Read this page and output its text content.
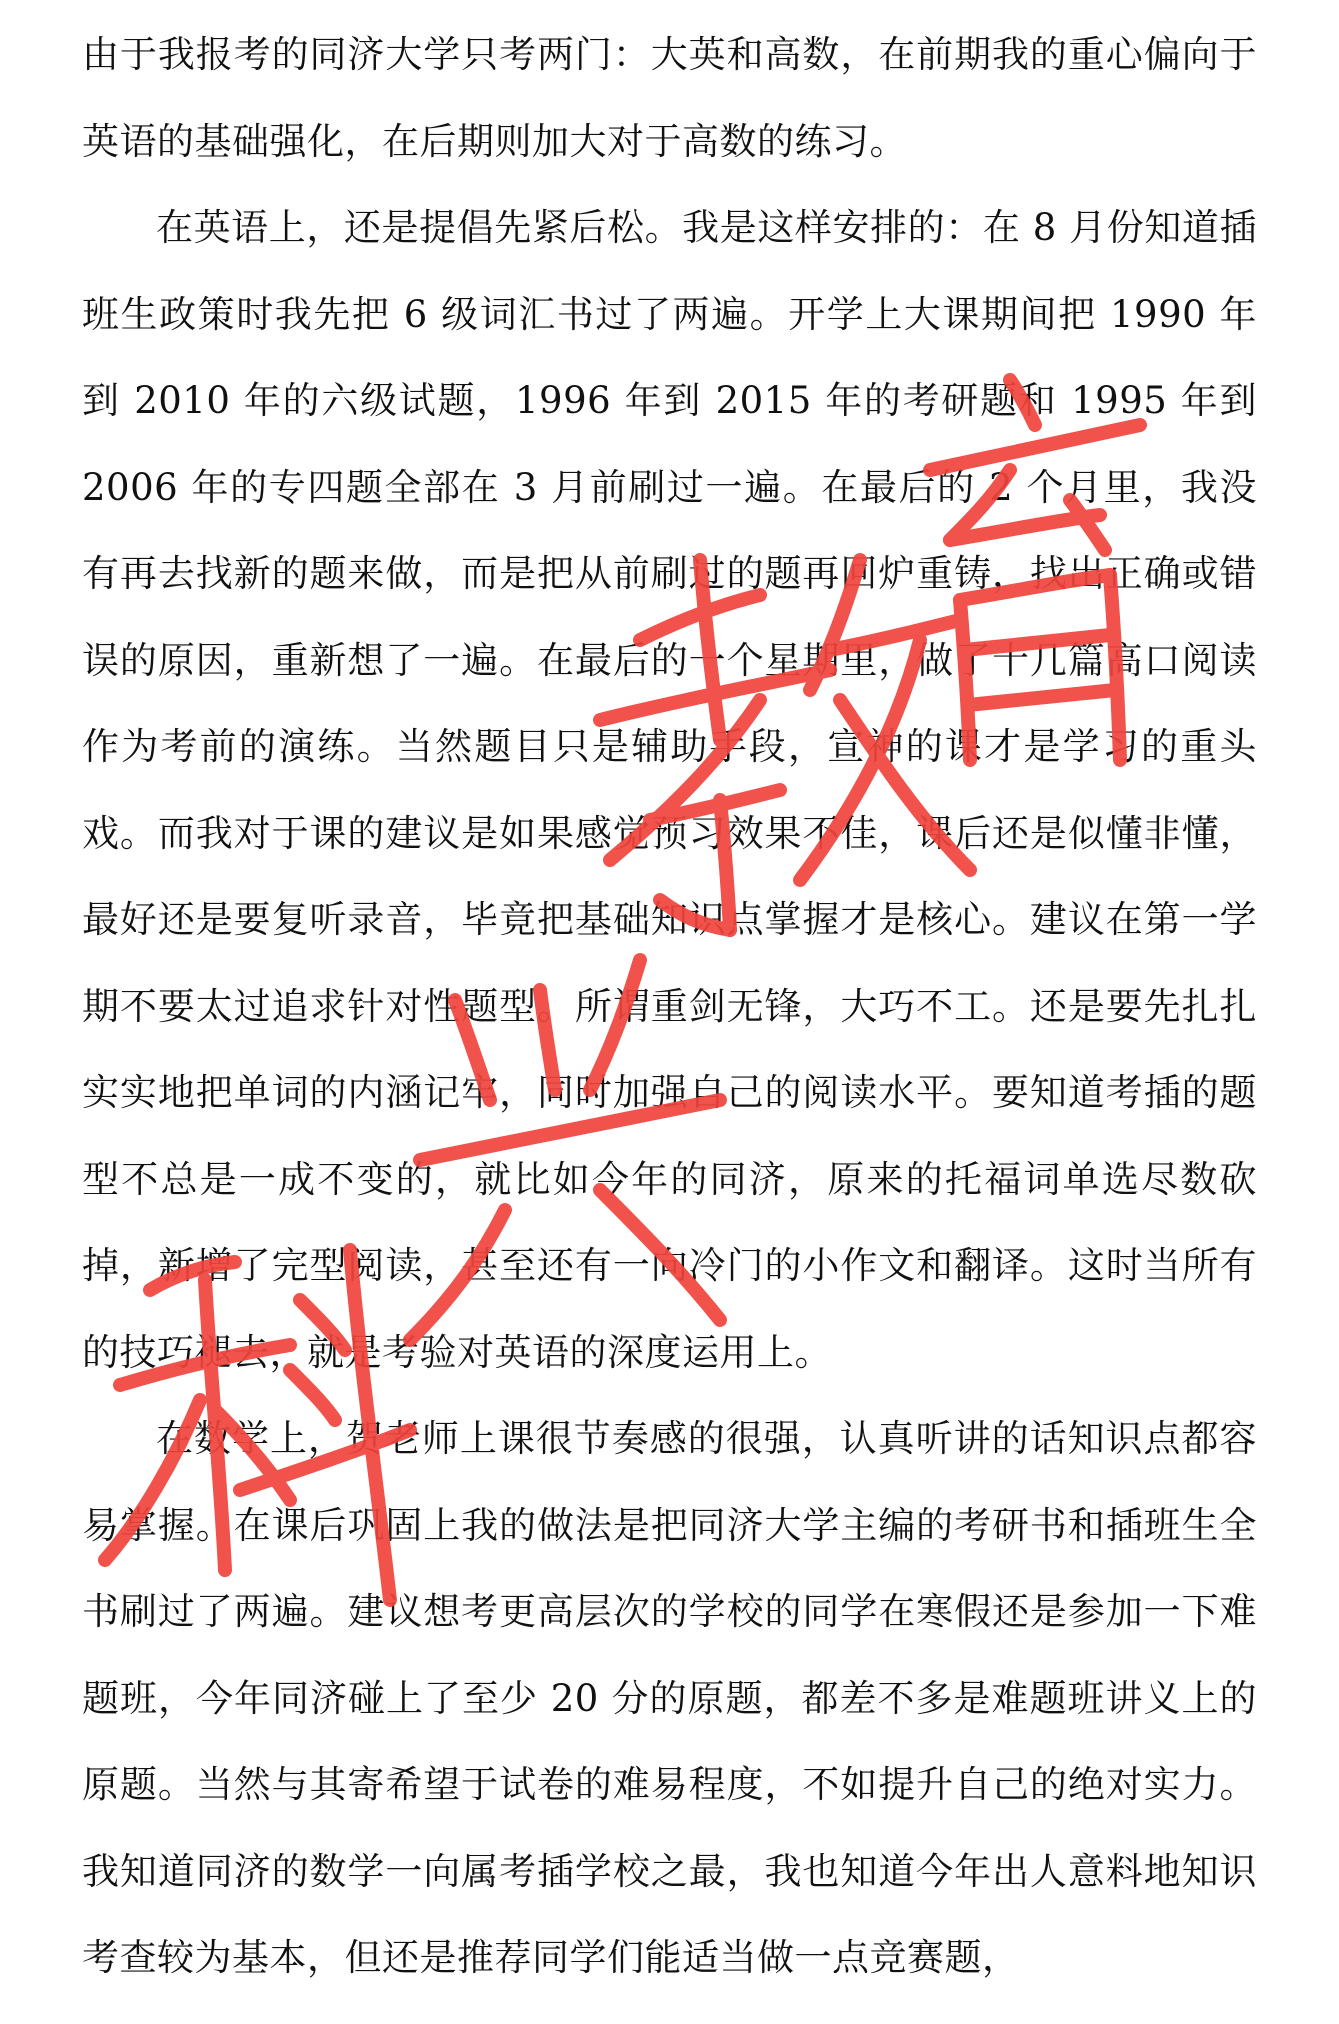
由于我报考的同济大学只考两门：大英和高数，在前期我的重心偏向于英语的基础强化，在后期则加大对于高数的练习。

在英语上，还是提倡先紧后松。我是这样安排的：在 8 月份知道插班生政策时我先把 6 级词汇书过了两遍。开学上大课期间把 1990 年到 2010 年的六级试题，1996 年到 2015 年的考研题和 1995 年到 2006 年的专四题全部在 3 月前刷过一遍。在最后的 2 个月里，我没有再去找新的题来做，而是把从前刷过的题再回炉重铸，找出正确或错误的原因，重新想了一遍。在最后的一个星期里，做了十几篇高口阅读作为考前的演练。当然题目只是辅助手段，宣神的课才是学习的重头戏。而我对于课的建议是如果感觉预习效果不佳，课后还是似懂非懂，最好还是要复听录音，毕竟把基础知识点掌握才是核心。建议在第一学期不要太过追求针对性题型。所谓重剑无锋，大巧不工。还是要先扎扎实实地把单词的内涵记牢，同时加强自己的阅读水平。要知道考插的题型不总是一成不变的，就比如今年的同济，原来的托福词单选尽数砍掉，新增了完型阅读，甚至还有一向冷门的小作文和翻译。这时当所有的技巧褪去，就是考验对英语的深度运用上。

在数学上，贺老师上课很节奏感的很强，认真听讲的话知识点都容易掌握。在课后巩固上我的做法是把同济大学主编的考研书和插班生全书刷过了两遍。建议想考更高层次的学校的同学在寒假还是参加一下难题班，今年同济碰上了至少 20 分的原题，都差不多是难题班讲义上的原题。当然与其寄希望于试卷的难易程度，不如提升自己的绝对实力。我知道同济的数学一向属考插学校之最，我也知道今年出人意料地知识考查较为基本，但还是推荐同学们能适当做一点竞赛题，
